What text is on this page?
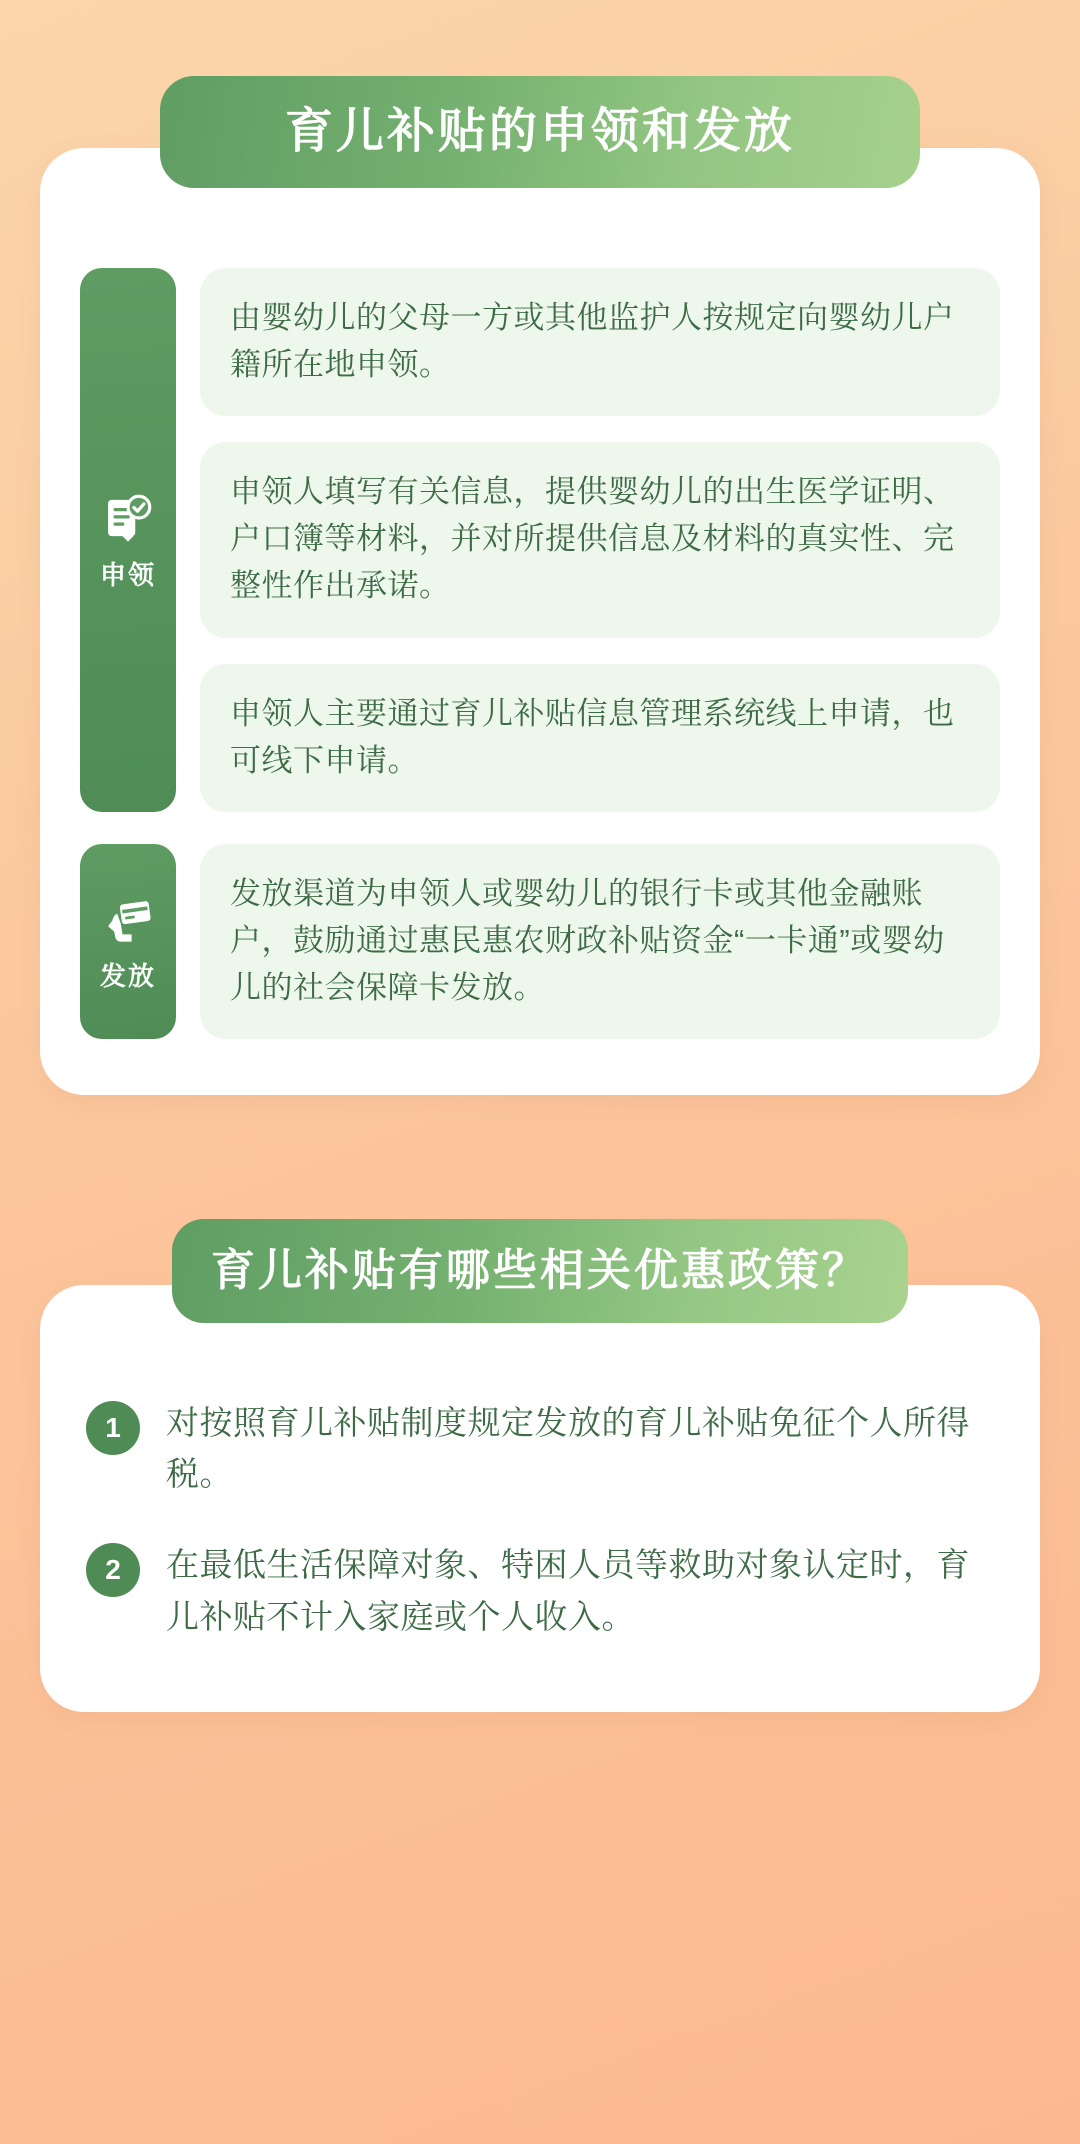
育儿补贴的申领和发放
申领
由婴幼儿的父母一方或其他监护人按规定向婴幼儿户籍所在地申领。
申领人填写有关信息，提供婴幼儿的出生医学证明、户口簿等材料，并对所提供信息及材料的真实性、完整性作出承诺。
申领人主要通过育儿补贴信息管理系统线上申请，也可线下申请。
发放
发放渠道为申领人或婴幼儿的银行卡或其他金融账户，鼓励通过惠民惠农财政补贴资金“一卡通”或婴幼儿的社会保障卡发放。
育儿补贴有哪些相关优惠政策？
1	对按照育儿补贴制度规定发放的育儿补贴免征个人所得税。
2	在最低生活保障对象、特困人员等救助对象认定时，育儿补贴不计入家庭或个人收入。
